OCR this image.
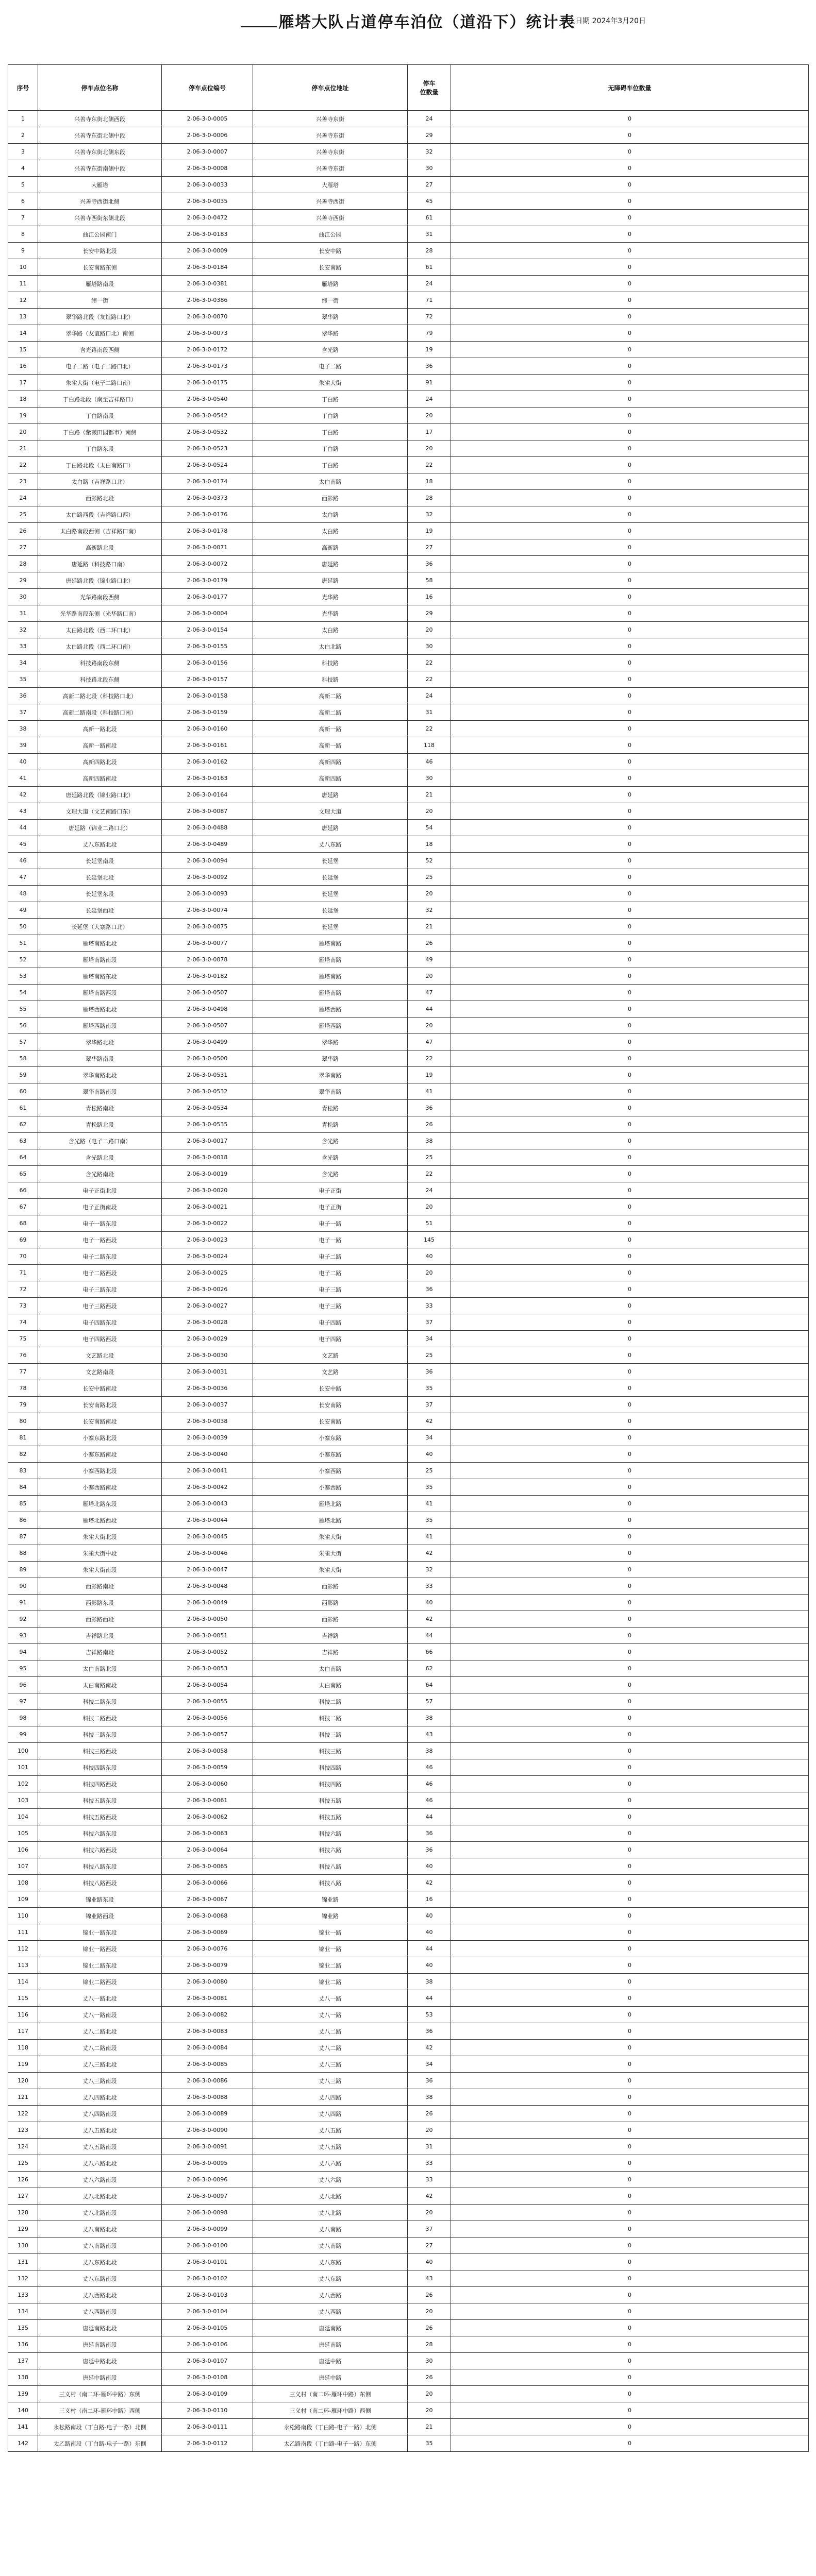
雁塔大队占道停车泊位（道沿下）统计表
截止日期 2024年3月20日
序号	停车点位名称	停车点位编号	停车点位地址	停车
位数量	无障碍车位数量
1	兴善寺东街北侧西段	2-06-3-0-0005	兴善寺东街	24	0
2	兴善寺东街北侧中段	2-06-3-0-0006	兴善寺东街	29	0
3	兴善寺东街北侧东段	2-06-3-0-0007	兴善寺东街	32	0
4	兴善寺东街南侧中段	2-06-3-0-0008	兴善寺东街	30	0
5	大雁塔	2-06-3-0-0033	大雁塔	27	0
6	兴善寺西街北侧	2-06-3-0-0035	兴善寺西街	45	0
7	兴善寺西街东侧北段	2-06-3-0-0472	兴善寺西街	61	0
8	曲江公园南门	2-06-3-0-0183	曲江公园	31	0
9	长安中路北段	2-06-3-0-0009	长安中路	28	0
10	长安南路东侧	2-06-3-0-0184	长安南路	61	0
11	雁塔路南段	2-06-3-0-0381	雁塔路	24	0
12	纬一街	2-06-3-0-0386	纬一街	71	0
13	翠华路北段（友谊路口北）	2-06-3-0-0070	翠华路	72	0
14	翠华路（友谊路口北）南侧	2-06-3-0-0073	翠华路	79	0
15	含光路南段西侧	2-06-3-0-0172	含光路	19	0
16	电子二路（电子二路口北）	2-06-3-0-0173	电子二路	36	0
17	朱雀大街（电子二路口南）	2-06-3-0-0175	朱雀大街	91	0
18	丁白路北段（南至吉祥路口）	2-06-3-0-0540	丁白路	24	0
19	丁白路南段	2-06-3-0-0542	丁白路	20	0
20	丁白路（紫薇田园都市）南侧	2-06-3-0-0532	丁白路	17	0
21	丁白路东段	2-06-3-0-0523	丁白路	20	0
22	丁白路北段（太白南路口）	2-06-3-0-0524	丁白路	22	0
23	太白路（吉祥路口北）	2-06-3-0-0174	太白南路	18	0
24	西影路北段	2-06-3-0-0373	西影路	28	0
25	太白路西段（吉祥路口西）	2-06-3-0-0176	太白路	32	0
26	太白路南段西侧（吉祥路口南）	2-06-3-0-0178	太白路	19	0
27	高新路北段	2-06-3-0-0071	高新路	27	0
28	唐延路（科技路口南）	2-06-3-0-0072	唐延路	36	0
29	唐延路北段（锦业路口北）	2-06-3-0-0179	唐延路	58	0
30	光华路南段西侧	2-06-3-0-0177	光华路	16	0
31	光华路南段东侧（光华路口南）	2-06-3-0-0004	光华路	29	0
32	太白路北段（西二环口北）	2-06-3-0-0154	太白路	20	0
33	太白路北段（西二环口南）	2-06-3-0-0155	太白北路	30	0
34	科技路南段东侧	2-06-3-0-0156	科技路	22	0
35	科技路北段东侧	2-06-3-0-0157	科技路	22	0
36	高新二路北段（科技路口北）	2-06-3-0-0158	高新二路	24	0
37	高新二路南段（科技路口南）	2-06-3-0-0159	高新二路	31	0
38	高新一路北段	2-06-3-0-0160	高新一路	22	0
39	高新一路南段	2-06-3-0-0161	高新一路	118	0
40	高新四路北段	2-06-3-0-0162	高新四路	46	0
41	高新四路南段	2-06-3-0-0163	高新四路	30	0
42	唐延路北段（锦业路口北）	2-06-3-0-0164	唐延路	21	0
43	文理大道（文艺南路口东）	2-06-3-0-0087	文理大道	20	0
44	唐延路（锦业二路口北）	2-06-3-0-0488	唐延路	54	0
45	丈八东路北段	2-06-3-0-0489	丈八东路	18	0
46	长延堡南段	2-06-3-0-0094	长延堡	52	0
47	长延堡北段	2-06-3-0-0092	长延堡	25	0
48	长延堡东段	2-06-3-0-0093	长延堡	20	0
49	长延堡西段	2-06-3-0-0074	长延堡	32	0
50	长延堡（大寨路口北）	2-06-3-0-0075	长延堡	21	0
51	雁塔南路北段	2-06-3-0-0077	雁塔南路	26	0
52	雁塔南路南段	2-06-3-0-0078	雁塔南路	49	0
53	雁塔南路东段	2-06-3-0-0182	雁塔南路	20	0
54	雁塔南路西段	2-06-3-0-0507	雁塔南路	47	0
55	雁塔西路北段	2-06-3-0-0498	雁塔西路	44	0
56	雁塔西路南段	2-06-3-0-0507	雁塔西路	20	0
57	翠华路北段	2-06-3-0-0499	翠华路	47	0
58	翠华路南段	2-06-3-0-0500	翠华路	22	0
59	翠华南路北段	2-06-3-0-0531	翠华南路	19	0
60	翠华南路南段	2-06-3-0-0532	翠华南路	41	0
61	青松路南段	2-06-3-0-0534	青松路	36	0
62	青松路北段	2-06-3-0-0535	青松路	26	0
63	含光路（电子二路口南）	2-06-3-0-0017	含光路	38	0
64	含光路北段	2-06-3-0-0018	含光路	25	0
65	含光路南段	2-06-3-0-0019	含光路	22	0
66	电子正街北段	2-06-3-0-0020	电子正街	24	0
67	电子正街南段	2-06-3-0-0021	电子正街	20	0
68	电子一路东段	2-06-3-0-0022	电子一路	51	0
69	电子一路西段	2-06-3-0-0023	电子一路	145	0
70	电子二路东段	2-06-3-0-0024	电子二路	40	0
71	电子二路西段	2-06-3-0-0025	电子二路	20	0
72	电子三路东段	2-06-3-0-0026	电子三路	36	0
73	电子三路西段	2-06-3-0-0027	电子三路	33	0
74	电子四路东段	2-06-3-0-0028	电子四路	37	0
75	电子四路西段	2-06-3-0-0029	电子四路	34	0
76	文艺路北段	2-06-3-0-0030	文艺路	25	0
77	文艺路南段	2-06-3-0-0031	文艺路	36	0
78	长安中路南段	2-06-3-0-0036	长安中路	35	0
79	长安南路北段	2-06-3-0-0037	长安南路	37	0
80	长安南路南段	2-06-3-0-0038	长安南路	42	0
81	小寨东路北段	2-06-3-0-0039	小寨东路	34	0
82	小寨东路南段	2-06-3-0-0040	小寨东路	40	0
83	小寨西路北段	2-06-3-0-0041	小寨西路	25	0
84	小寨西路南段	2-06-3-0-0042	小寨西路	35	0
85	雁塔北路东段	2-06-3-0-0043	雁塔北路	41	0
86	雁塔北路西段	2-06-3-0-0044	雁塔北路	35	0
87	朱雀大街北段	2-06-3-0-0045	朱雀大街	41	0
88	朱雀大街中段	2-06-3-0-0046	朱雀大街	42	0
89	朱雀大街南段	2-06-3-0-0047	朱雀大街	32	0
90	西影路南段	2-06-3-0-0048	西影路	33	0
91	西影路东段	2-06-3-0-0049	西影路	40	0
92	西影路西段	2-06-3-0-0050	西影路	42	0
93	吉祥路北段	2-06-3-0-0051	吉祥路	44	0
94	吉祥路南段	2-06-3-0-0052	吉祥路	66	0
95	太白南路北段	2-06-3-0-0053	太白南路	62	0
96	太白南路南段	2-06-3-0-0054	太白南路	64	0
97	科技二路东段	2-06-3-0-0055	科技二路	57	0
98	科技二路西段	2-06-3-0-0056	科技二路	38	0
99	科技三路东段	2-06-3-0-0057	科技三路	43	0
100	科技三路西段	2-06-3-0-0058	科技三路	38	0
101	科技四路东段	2-06-3-0-0059	科技四路	46	0
102	科技四路西段	2-06-3-0-0060	科技四路	46	0
103	科技五路东段	2-06-3-0-0061	科技五路	46	0
104	科技五路西段	2-06-3-0-0062	科技五路	44	0
105	科技六路东段	2-06-3-0-0063	科技六路	36	0
106	科技六路西段	2-06-3-0-0064	科技六路	36	0
107	科技八路东段	2-06-3-0-0065	科技八路	40	0
108	科技八路西段	2-06-3-0-0066	科技八路	42	0
109	锦业路东段	2-06-3-0-0067	锦业路	16	0
110	锦业路西段	2-06-3-0-0068	锦业路	40	0
111	锦业一路东段	2-06-3-0-0069	锦业一路	40	0
112	锦业一路西段	2-06-3-0-0076	锦业一路	44	0
113	锦业二路东段	2-06-3-0-0079	锦业二路	40	0
114	锦业二路西段	2-06-3-0-0080	锦业二路	38	0
115	丈八一路北段	2-06-3-0-0081	丈八一路	44	0
116	丈八一路南段	2-06-3-0-0082	丈八一路	53	0
117	丈八二路北段	2-06-3-0-0083	丈八二路	36	0
118	丈八二路南段	2-06-3-0-0084	丈八二路	42	0
119	丈八三路北段	2-06-3-0-0085	丈八三路	34	0
120	丈八三路南段	2-06-3-0-0086	丈八三路	36	0
121	丈八四路北段	2-06-3-0-0088	丈八四路	38	0
122	丈八四路南段	2-06-3-0-0089	丈八四路	26	0
123	丈八五路北段	2-06-3-0-0090	丈八五路	20	0
124	丈八五路南段	2-06-3-0-0091	丈八五路	31	0
125	丈八六路北段	2-06-3-0-0095	丈八六路	33	0
126	丈八六路南段	2-06-3-0-0096	丈八六路	33	0
127	丈八北路北段	2-06-3-0-0097	丈八北路	42	0
128	丈八北路南段	2-06-3-0-0098	丈八北路	20	0
129	丈八南路北段	2-06-3-0-0099	丈八南路	37	0
130	丈八南路南段	2-06-3-0-0100	丈八南路	27	0
131	丈八东路北段	2-06-3-0-0101	丈八东路	40	0
132	丈八东路南段	2-06-3-0-0102	丈八东路	43	0
133	丈八西路北段	2-06-3-0-0103	丈八西路	26	0
134	丈八西路南段	2-06-3-0-0104	丈八西路	20	0
135	唐延南路北段	2-06-3-0-0105	唐延南路	26	0
136	唐延南路南段	2-06-3-0-0106	唐延南路	28	0
137	唐延中路北段	2-06-3-0-0107	唐延中路	30	0
138	唐延中路南段	2-06-3-0-0108	唐延中路	26	0
139	三义村（南二环-雁环中路）东侧	2-06-3-0-0109	三义村（南二环-雁环中路）东侧	20	0
140	三义村（南二环-雁环中路）西侧	2-06-3-0-0110	三义村（南二环-雁环中路）西侧	20	0
141	永松路南段（丁白路-电子一路）北侧	2-06-3-0-0111	永松路南段（丁白路-电子一路）北侧	21	0
142	太乙路南段（丁白路-电子一路）东侧	2-06-3-0-0112	太乙路南段（丁白路-电子一路）东侧	35	0
